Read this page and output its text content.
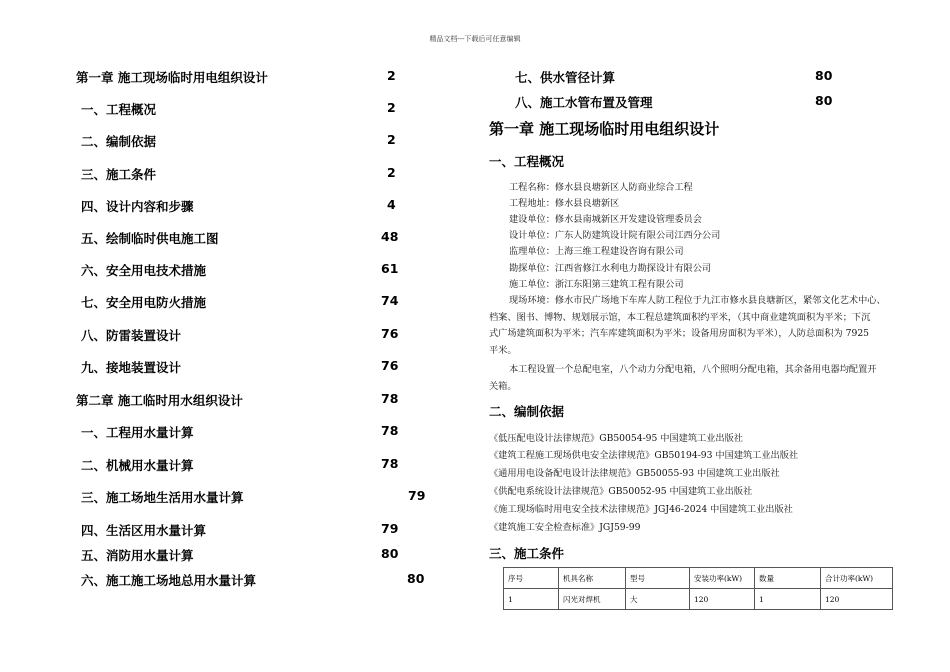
精品文档---下载后可任意编辑
第一章 施工现场临时用电组织设计	2
一、工程概况	2
二、编制依据	2
三、施工条件	2
四、设计内容和步骤	4
五、绘制临时供电施工图	48
六、安全用电技术措施	61
七、安全用电防火措施	74
八、防雷装置设计	76
九、接地装置设计	76
第二章 施工临时用水组织设计	78
一、工程用水量计算	78
二、机械用水量计算	78
三、施工场地生活用水量计算	79
四、生活区用水量计算	79
五、消防用水量计算	80
六、施工施工场地总用水量计算	80
七、供水管径计算	80
八、施工水管布置及管理	80
第一章 施工现场临时用电组织设计
一、工程概况
工程名称：修水县良塘新区人防商业综合工程
工程地址：修水县良塘新区
建设单位：修水县南城新区开发建设管理委员会
设计单位：广东人防建筑设计院有限公司江西分公司
监理单位：上海三维工程建设咨询有限公司
勘探单位：江西省修江水利电力勘探设计有限公司
施工单位：浙江东阳第三建筑工程有限公司
现场环境：修水市民广场地下车库人防工程位于九江市修水县良塘新区，紧邻文化艺术中心、
档案、图书、博物、规划展示馆，本工程总建筑面积约平米，（其中商业建筑面积为平米；下沉
式广场建筑面积为平米；汽车库建筑面积为平米；设备用房面积为平米），人防总面积为 7925
平米。
本工程设置一个总配电室，八个动力分配电箱，八个照明分配电箱，其余备用电器均配置开
关箱。
二、编制依据
《低压配电设计法律规范》GB50054-95 中国建筑工业出版社
《建筑工程施工现场供电安全法律规范》GB50194-93 中国建筑工业出版社
《通用用电设备配电设计法律规范》GB50055-93 中国建筑工业出版社
《供配电系统设计法律规范》GB50052-95 中国建筑工业出版社
《施工现场临时用电安全技术法律规范》JGJ46-2024 中国建筑工业出版社
《建筑施工安全检查标准》JGJ59-99
三、施工条件
序号	机具名称	型号	安装功率(kW)	数量	合计功率(kW)
1	闪光对焊机	大	120	1	120
